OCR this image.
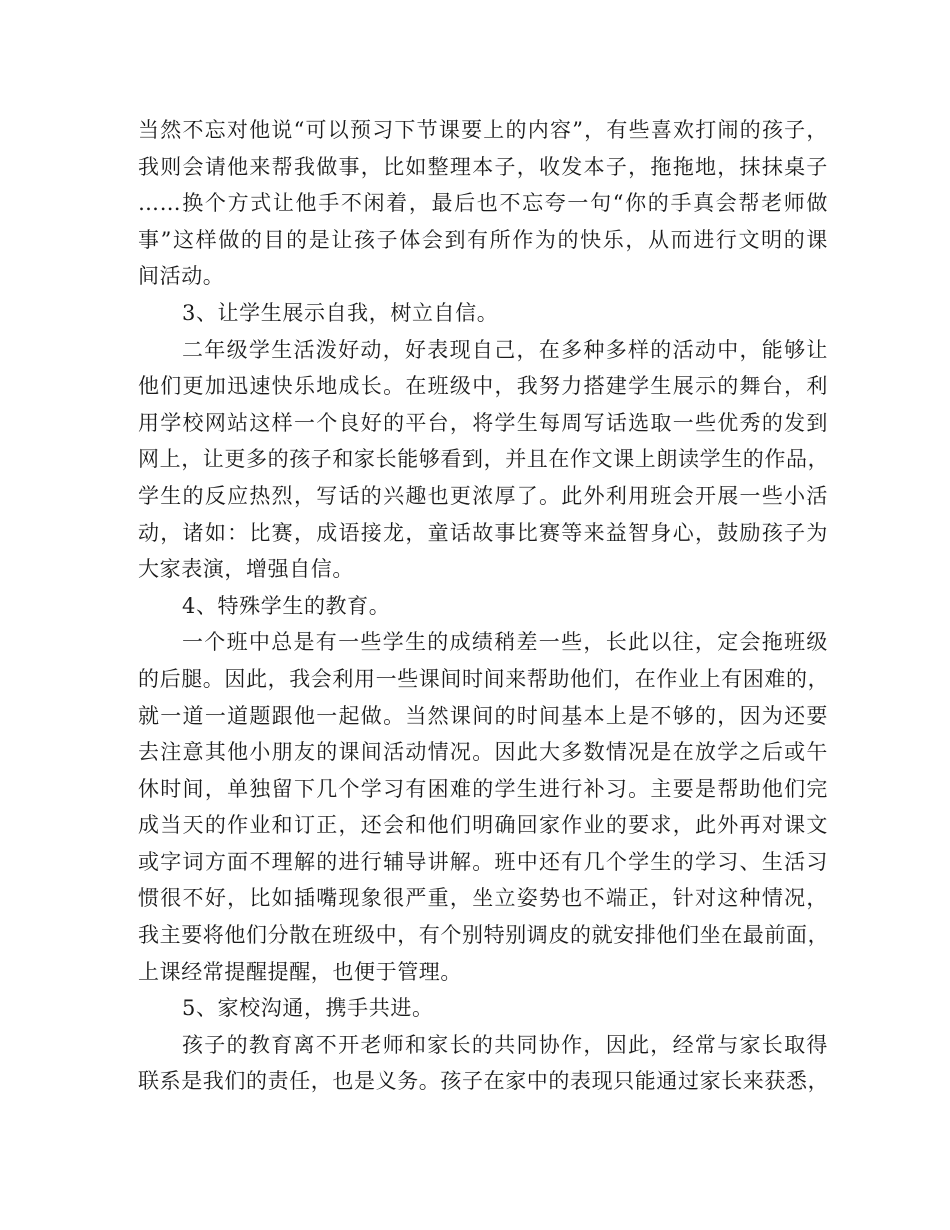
当然不忘对他说“可以预习下节课要上的内容”，有些喜欢打闹的孩子，
我则会请他来帮我做事，比如整理本子，收发本子，拖拖地，抹抹桌子
……换个方式让他手不闲着，最后也不忘夸一句“你的手真会帮老师做
事”这样做的目的是让孩子体会到有所作为的快乐，从而进行文明的课
间活动。
3、让学生展示自我，树立自信。
二年级学生活泼好动，好表现自己，在多种多样的活动中，能够让
他们更加迅速快乐地成长。在班级中，我努力搭建学生展示的舞台，利
用学校网站这样一个良好的平台，将学生每周写话选取一些优秀的发到
网上，让更多的孩子和家长能够看到，并且在作文课上朗读学生的作品，
学生的反应热烈，写话的兴趣也更浓厚了。此外利用班会开展一些小活
动，诸如：比赛，成语接龙，童话故事比赛等来益智身心，鼓励孩子为
大家表演，增强自信。
4、特殊学生的教育。
一个班中总是有一些学生的成绩稍差一些，长此以往，定会拖班级
的后腿。因此，我会利用一些课间时间来帮助他们，在作业上有困难的，
就一道一道题跟他一起做。当然课间的时间基本上是不够的，因为还要
去注意其他小朋友的课间活动情况。因此大多数情况是在放学之后或午
休时间，单独留下几个学习有困难的学生进行补习。主要是帮助他们完
成当天的作业和订正，还会和他们明确回家作业的要求，此外再对课文
或字词方面不理解的进行辅导讲解。班中还有几个学生的学习、生活习
惯很不好，比如插嘴现象很严重，坐立姿势也不端正，针对这种情况，
我主要将他们分散在班级中，有个别特别调皮的就安排他们坐在最前面，
上课经常提醒提醒，也便于管理。
5、家校沟通，携手共进。
孩子的教育离不开老师和家长的共同协作，因此，经常与家长取得
联系是我们的责任，也是义务。孩子在家中的表现只能通过家长来获悉，
